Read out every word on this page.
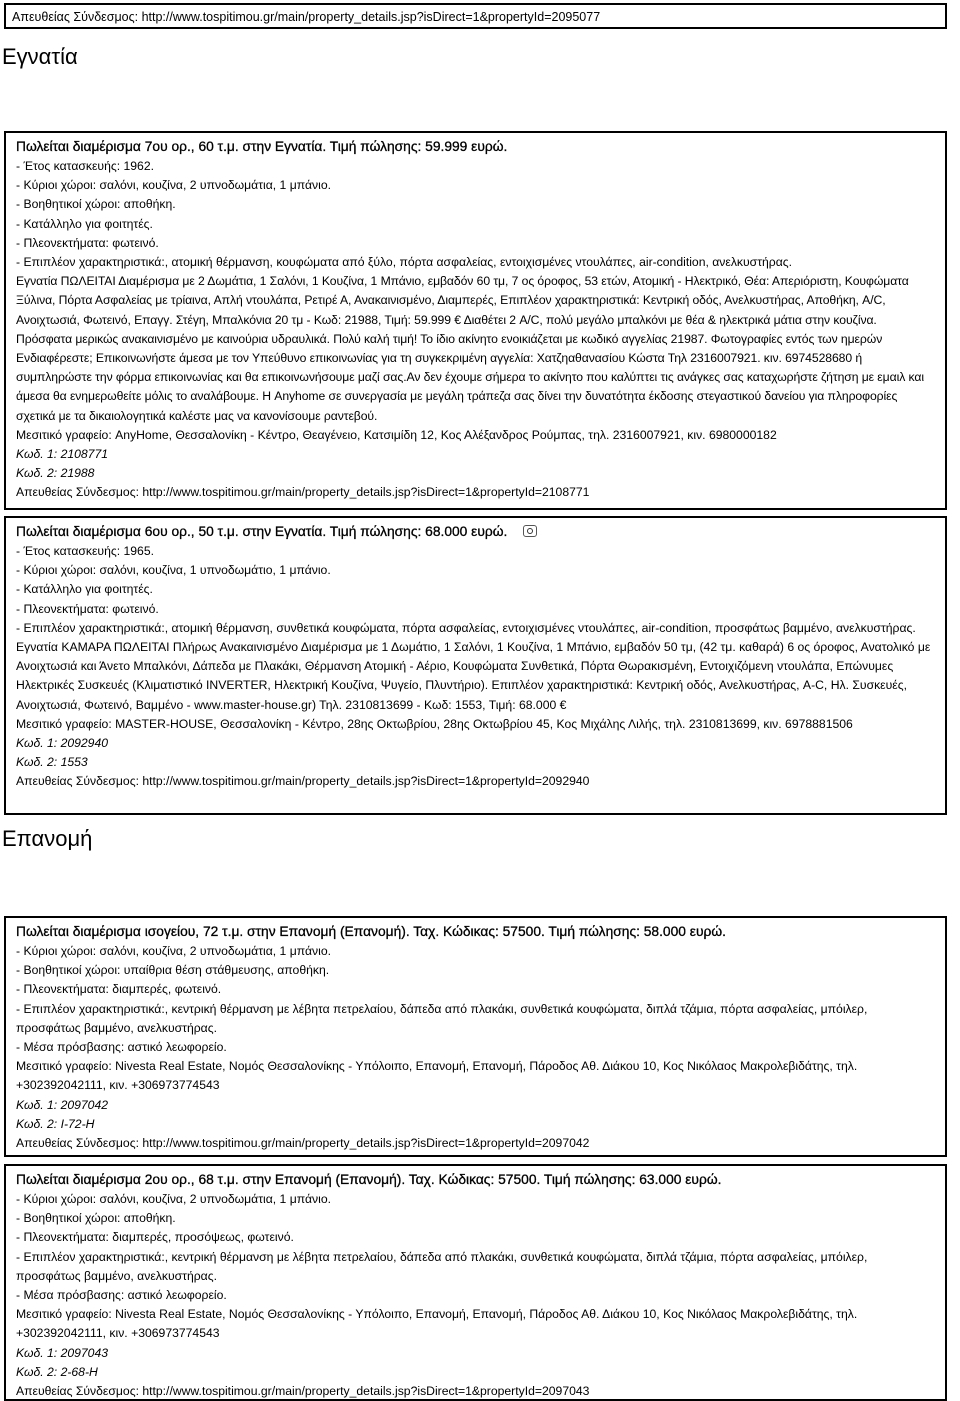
Απευθείας Σύνδεσμος: http://www.tospitimou.gr/main/property_details.jsp?isDirect=1&propertyId=2095077
Εγνατία
Πωλείται διαμέρισμα 7ου ορ., 60 τ.μ. στην Εγνατία. Τιμή πώλησης: 59.999 ευρώ.
- Έτος κατασκευής: 1962.
- Κύριοι χώροι: σαλόνι, κουζίνα, 2 υπνοδωμάτια, 1 μπάνιο.
- Βοηθητικοί χώροι: αποθήκη.
- Κατάλληλο για φοιτητές.
- Πλεονεκτήματα: φωτεινό.
- Επιπλέον χαρακτηριστικά:, ατομική θέρμανση, κουφώματα από ξύλο, πόρτα ασφαλείας, εντοιχισμένες ντουλάπες, air-condition, ανελκυστήρας.
Εγνατία ΠΩΛΕΙΤΑΙ Διαμέρισμα με 2 Δωμάτια, 1 Σαλόνι, 1 Κουζίνα, 1 Μπάνιο, εμβαδόν 60 τμ, 7 ος όροφος, 53 ετών, Ατομική - Ηλεκτρικό, Θέα: Απεριόριστη, Κουφώματα Ξύλινα, Πόρτα Ασφαλείας με τρίαινα, Απλή ντουλάπα, Ρετιρέ Α, Ανακαινισμένο, Διαμπερές, Επιπλέον χαρακτηριστικά: Κεντρική οδός, Ανελκυστήρας, Αποθήκη, A/C, Ανοιχτωσιά, Φωτεινό, Επαγγ. Στέγη, Μπαλκόνια 20 τμ - Κωδ: 21988, Τιμή: 59.999 € Διαθέτει 2 A/C, πολύ μεγάλο μπαλκόνι με θέα & ηλεκτρικά μάτια στην κουζίνα. Πρόσφατα μερικώς ανακαινισμένο με καινούρια υδραυλικά. Πολύ καλή τιμή! Το ίδιο ακίνητο ενοικιάζεται με κωδικό αγγελίας 21987. Φωτογραφίες εντός των ημερών Ενδιαφέρεστε; Επικοινωνήστε άμεσα με τον Υπεύθυνο επικοινωνίας για τη συγκεκριμένη αγγελία: Χατζηαθανασίου Κώστα Τηλ 2316007921. κιν. 6974528680 ή συμπληρώστε την φόρμα επικοινωνίας και θα επικοινωνήσουμε μαζί σας.Αν δεν έχουμε σήμερα το ακίνητο που καλύπτει τις ανάγκες σας καταχωρήστε ζήτηση με εμαιλ και άμεσα θα ενημερωθείτε μόλις το αναλάβουμε. Η Anyhome σε συνεργασία με μεγάλη τράπεζα σας δίνει την δυνατότητα έκδοσης στεγαστικού δανείου για πληροφορίες σχετικά με τα δικαιολογητικά καλέστε μας να κανονίσουμε ραντεβού.
Μεσιτικό γραφείο: AnyHome, Θεσσαλονίκη - Κέντρο, Θεαγένειο, Κατσιμίδη 12, Κος Αλέξανδρος Ρούμπας, τηλ. 2316007921, κιν. 6980000182
Κωδ. 1: 2108771
Κωδ. 2: 21988
Απευθείας Σύνδεσμος: http://www.tospitimou.gr/main/property_details.jsp?isDirect=1&propertyId=2108771
Πωλείται διαμέρισμα 6ου ορ., 50 τ.μ. στην Εγνατία. Τιμή πώλησης: 68.000 ευρώ.
- Έτος κατασκευής: 1965.
- Κύριοι χώροι: σαλόνι, κουζίνα, 1 υπνοδωμάτιο, 1 μπάνιο.
- Κατάλληλο για φοιτητές.
- Πλεονεκτήματα: φωτεινό.
- Επιπλέον χαρακτηριστικά:, ατομική θέρμανση, συνθετικά κουφώματα, πόρτα ασφαλείας, εντοιχισμένες ντουλάπες, air-condition, προσφάτως βαμμένο, ανελκυστήρας.
Εγνατία ΚΑΜΑΡΑ ΠΩΛΕΙΤΑΙ Πλήρως Ανακαινισμένο Διαμέρισμα με 1 Δωμάτιο, 1 Σαλόνι, 1 Κουζίνα, 1 Μπάνιο, εμβαδόν 50 τμ, (42 τμ. καθαρά) 6 ος όροφος, Ανατολικό με Ανοιχτωσιά και Άνετο Μπαλκόνι, Δάπεδα με Πλακάκι, Θέρμανση Ατομική - Αέριο, Κουφώματα Συνθετικά, Πόρτα Θωρακισμένη, Εντοιχιζόμενη ντουλάπα, Επώνυμες Ηλεκτρικές Συσκευές (Κλιματιστικό INVERTER, Ηλεκτρική Κουζίνα, Ψυγείο, Πλυντήριο). Επιπλέον χαρακτηριστικά: Κεντρική οδός, Ανελκυστήρας, A-C, Ηλ. Συσκευές, Ανοιχτωσιά, Φωτεινό, Βαμμένο - www.master-house.gr) Τηλ. 2310813699 - Κωδ: 1553, Τιμή: 68.000 €
Μεσιτικό γραφείο: MASTER-HOUSE, Θεσσαλονίκη - Κέντρο, 28ης Οκτωβρίου, 28ης Οκτωβρίου 45, Κος Μιχάλης Λιλής, τηλ. 2310813699, κιν. 6978881506
Κωδ. 1: 2092940
Κωδ. 2: 1553
Απευθείας Σύνδεσμος: http://www.tospitimou.gr/main/property_details.jsp?isDirect=1&propertyId=2092940
Επανομή
Πωλείται διαμέρισμα ισογείου, 72 τ.μ. στην Επανομή (Επανομή). Ταχ. Κώδικας: 57500. Τιμή πώλησης: 58.000 ευρώ.
- Κύριοι χώροι: σαλόνι, κουζίνα, 2 υπνοδωμάτια, 1 μπάνιο.
- Βοηθητικοί χώροι: υπαίθρια θέση στάθμευσης, αποθήκη.
- Πλεονεκτήματα: διαμπερές, φωτεινό.
- Επιπλέον χαρακτηριστικά:, κεντρική θέρμανση με λέβητα πετρελαίου, δάπεδα από πλακάκι, συνθετικά κουφώματα, διπλά τζάμια, πόρτα ασφαλείας, μπόιλερ, προσφάτως βαμμένο, ανελκυστήρας.
- Μέσα πρόσβασης: αστικό λεωφορείο.
Μεσιτικό γραφείο: Nivesta Real Estate, Νομός Θεσσαλονίκης - Υπόλοιπο, Επανομή, Επανομή, Πάροδος Αθ. Διάκου 10, Κος Νικόλαος Μακρολεβιδάτης, τηλ. +302392042111, κιν. +306973774543
Κωδ. 1: 2097042
Κωδ. 2: I-72-H
Απευθείας Σύνδεσμος: http://www.tospitimou.gr/main/property_details.jsp?isDirect=1&propertyId=2097042
Πωλείται διαμέρισμα 2ου ορ., 68 τ.μ. στην Επανομή (Επανομή). Ταχ. Κώδικας: 57500. Τιμή πώλησης: 63.000 ευρώ.
- Κύριοι χώροι: σαλόνι, κουζίνα, 2 υπνοδωμάτια, 1 μπάνιο.
- Βοηθητικοί χώροι: αποθήκη.
- Πλεονεκτήματα: διαμπερές, προσόψεως, φωτεινό.
- Επιπλέον χαρακτηριστικά:, κεντρική θέρμανση με λέβητα πετρελαίου, δάπεδα από πλακάκι, συνθετικά κουφώματα, διπλά τζάμια, πόρτα ασφαλείας, μπόιλερ, προσφάτως βαμμένο, ανελκυστήρας.
- Μέσα πρόσβασης: αστικό λεωφορείο.
Μεσιτικό γραφείο: Nivesta Real Estate, Νομός Θεσσαλονίκης - Υπόλοιπο, Επανομή, Επανομή, Πάροδος Αθ. Διάκου 10, Κος Νικόλαος Μακρολεβιδάτης, τηλ. +302392042111, κιν. +306973774543
Κωδ. 1: 2097043
Κωδ. 2: 2-68-H
Απευθείας Σύνδεσμος: http://www.tospitimou.gr/main/property_details.jsp?isDirect=1&propertyId=2097043
